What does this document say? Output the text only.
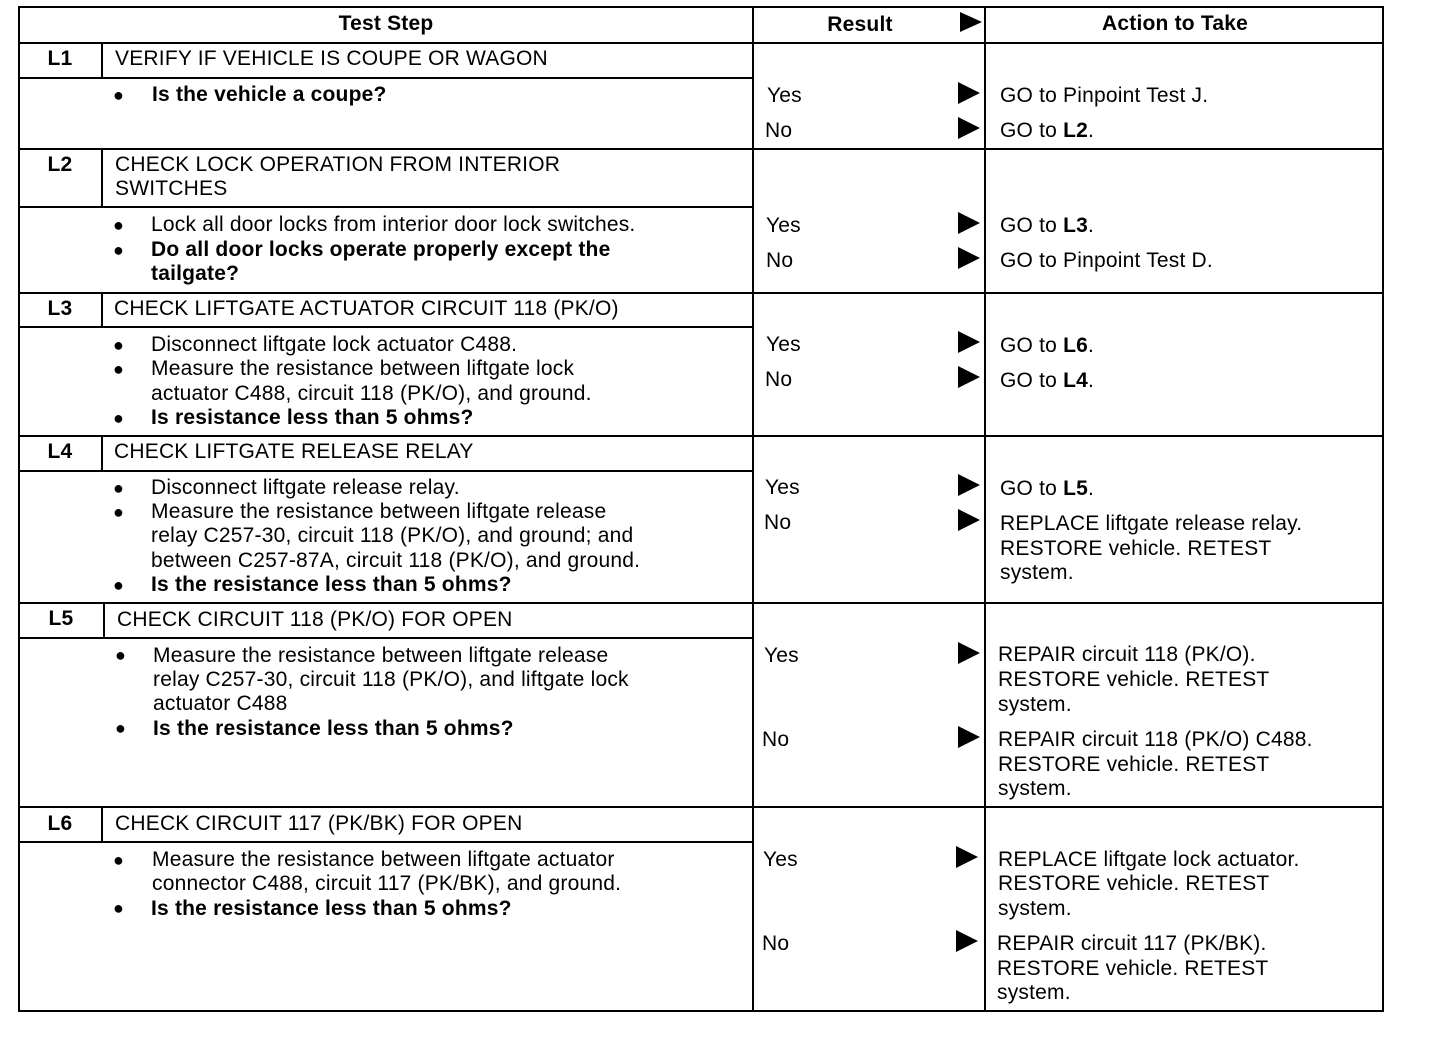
Test Step	Result	Action to Take
L1	VERIFY IF VEHICLE IS COUPE OR WAGON
● Is the vehicle a coupe?	Yes	GO to Pinpoint Test J.
No	GO to L2.
L2	CHECK LOCK OPERATION FROM INTERIOR
SWITCHES
● Lock all door locks from interior door lock switches.
● Do all door locks operate properly except the
tailgate?
Yes	GO to L3.
No	GO to Pinpoint Test D.
L3	CHECK LIFTGATE ACTUATOR CIRCUIT 118 (PK/O)
● Disconnect liftgate lock actuator C488.
● Measure the resistance between liftgate lock
actuator C488, circuit 118 (PK/O), and ground.
● Is resistance less than 5 ohms?
Yes	GO to L6.
No	GO to L4.
L4	CHECK LIFTGATE RELEASE RELAY
● Disconnect liftgate release relay.
● Measure the resistance between liftgate release
relay C257-30, circuit 118 (PK/O), and ground; and
between C257-87A, circuit 118 (PK/O), and ground.
● Is the resistance less than 5 ohms?
Yes	GO to L5.
No	REPLACE liftgate release relay.
RESTORE vehicle. RETEST
system.
L5	CHECK CIRCUIT 118 (PK/O) FOR OPEN
● Measure the resistance between liftgate release
relay C257-30, circuit 118 (PK/O), and liftgate lock
actuator C488
● Is the resistance less than 5 ohms?
Yes	REPAIR circuit 118 (PK/O).
RESTORE vehicle. RETEST
system.
No	REPAIR circuit 118 (PK/O) C488.
RESTORE vehicle. RETEST
system.
L6	CHECK CIRCUIT 117 (PK/BK) FOR OPEN
● Measure the resistance between liftgate actuator
connector C488, circuit 117 (PK/BK), and ground.
● Is the resistance less than 5 ohms?
Yes	REPLACE liftgate lock actuator.
RESTORE vehicle. RETEST
system.
No	REPAIR circuit 117 (PK/BK).
RESTORE vehicle. RETEST
system.
